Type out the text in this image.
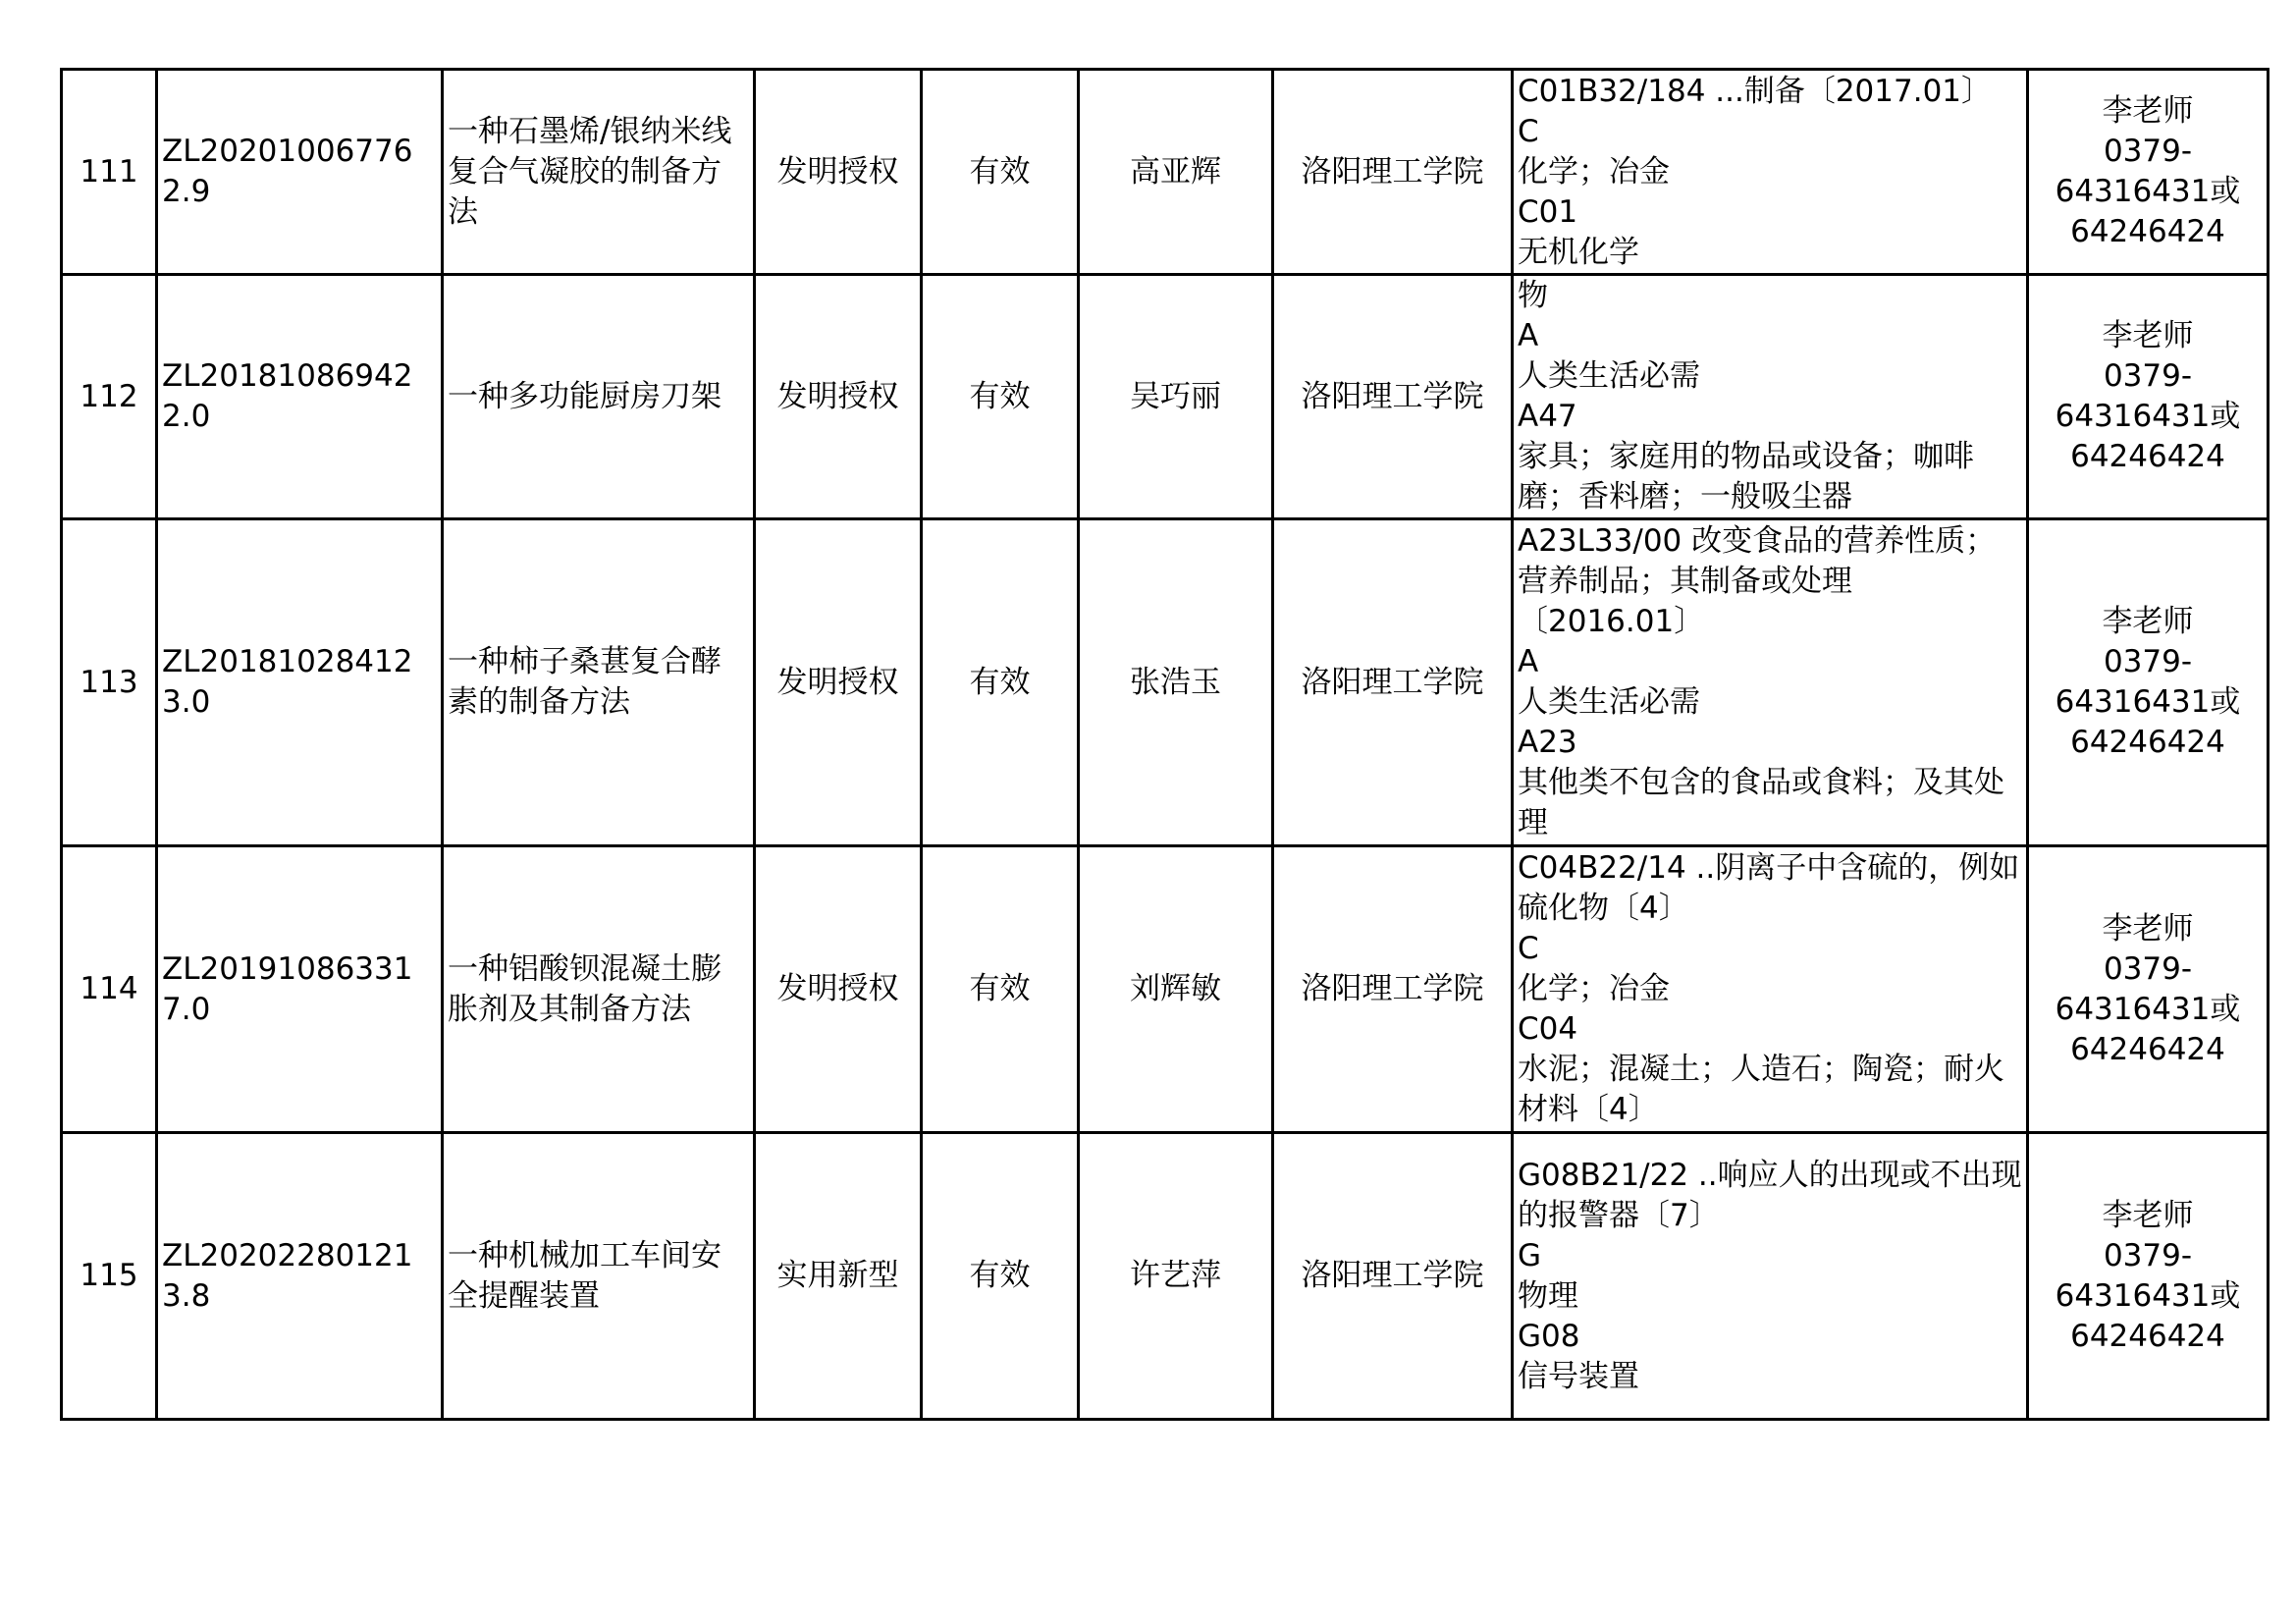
111	ZL202010067762.9	一种石墨烯/银纳米线复合气凝胶的制备方法	发明授权	有效	高亚辉	洛阳理工学院	C01B32/184 ...制备〔2017.01〕
C
化学；冶金
C01
无机化学	李老师
0379-
64316431或
64246424

112	ZL201810869422.0	一种多功能厨房刀架	发明授权	有效	吴巧丽	洛阳理工学院	物
A
人类生活必需
A47
家具；家庭用的物品或设备；咖啡磨；香料磨；一般吸尘器	李老师
0379-
64316431或
64246424

113	ZL201810284123.0	一种柿子桑葚复合酵素的制备方法	发明授权	有效	张浩玉	洛阳理工学院	A23L33/00 改变食品的营养性质；营养制品；其制备或处理〔2016.01〕
A
人类生活必需
A23
其他类不包含的食品或食料；及其处理	李老师
0379-
64316431或
64246424

114	ZL201910863317.0	一种铝酸钡混凝土膨胀剂及其制备方法	发明授权	有效	刘辉敏	洛阳理工学院	C04B22/14 ..阴离子中含硫的，例如硫化物〔4〕
C
化学；冶金
C04
水泥；混凝土；人造石；陶瓷；耐火材料〔4〕	李老师
0379-
64316431或
64246424

115	ZL202022801213.8	一种机械加工车间安全提醒装置	实用新型	有效	许艺萍	洛阳理工学院	G08B21/22 ..响应人的出现或不出现的报警器〔7〕
G
物理
G08
信号装置	李老师
0379-
64316431或
64246424
